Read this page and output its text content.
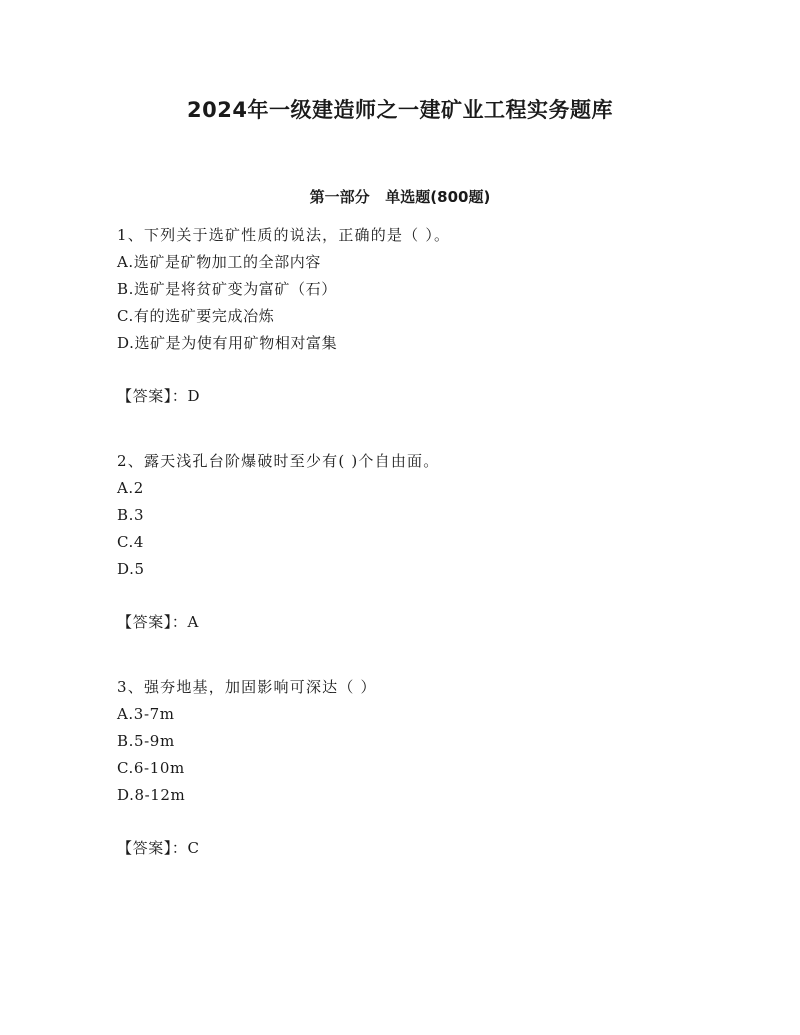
2024年一级建造师之一建矿业工程实务题库
第一部分   单选题(800题)
1、下列关于选矿性质的说法，正确的是（ ）。
A.选矿是矿物加工的全部内容
B.选矿是将贫矿变为富矿（石）
C.有的选矿要完成冶炼
D.选矿是为使有用矿物相对富集
【答案】：D
2、露天浅孔台阶爆破时至少有( )个自由面。
A.2
B.3
C.4
D.5
【答案】：A
3、强夯地基，加固影响可深达（ ）
A.3-7m
B.5-9m
C.6-10m
D.8-12m
【答案】：C
